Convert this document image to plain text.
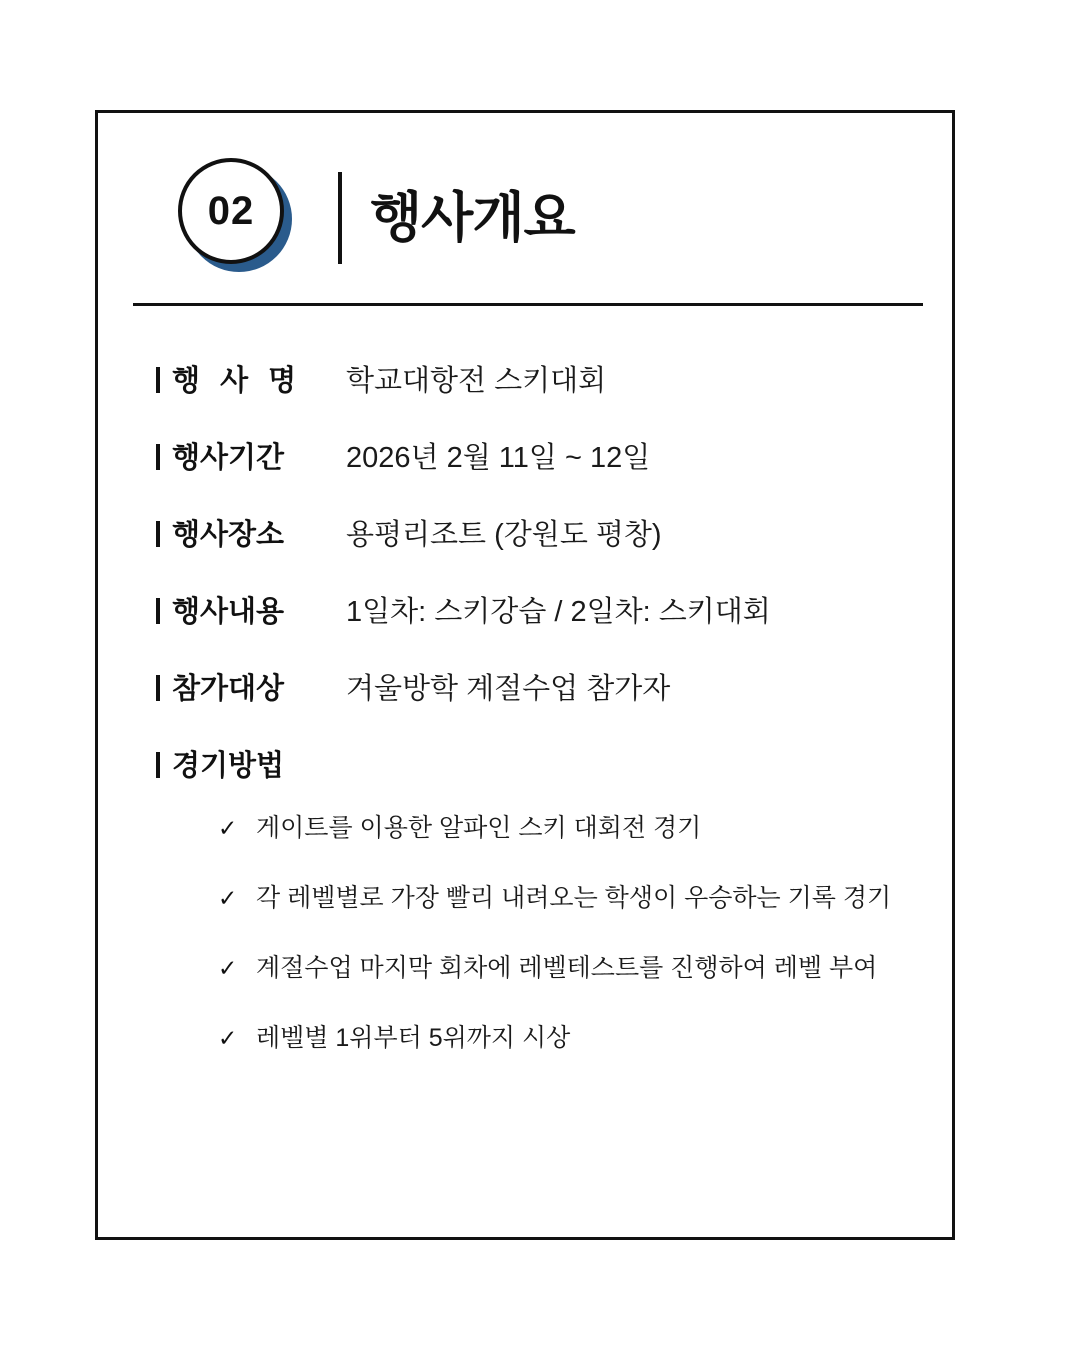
02 행사개요
행 사 명 학교대항전 스키대회
행사기간 2026년 2월 11일 ~ 12일
행사장소 용평리조트 (강원도 평창)
행사내용 1일차: 스키강습 / 2일차: 스키대회
참가대상 겨울방학 계절수업 참가자
경기방법
✓ 게이트를 이용한 알파인 스키 대회전 경기
✓ 각 레벨별로 가장 빨리 내려오는 학생이 우승하는 기록 경기
✓ 계절수업 마지막 회차에 레벨테스트를 진행하여 레벨 부여
✓ 레벨별 1위부터 5위까지 시상
